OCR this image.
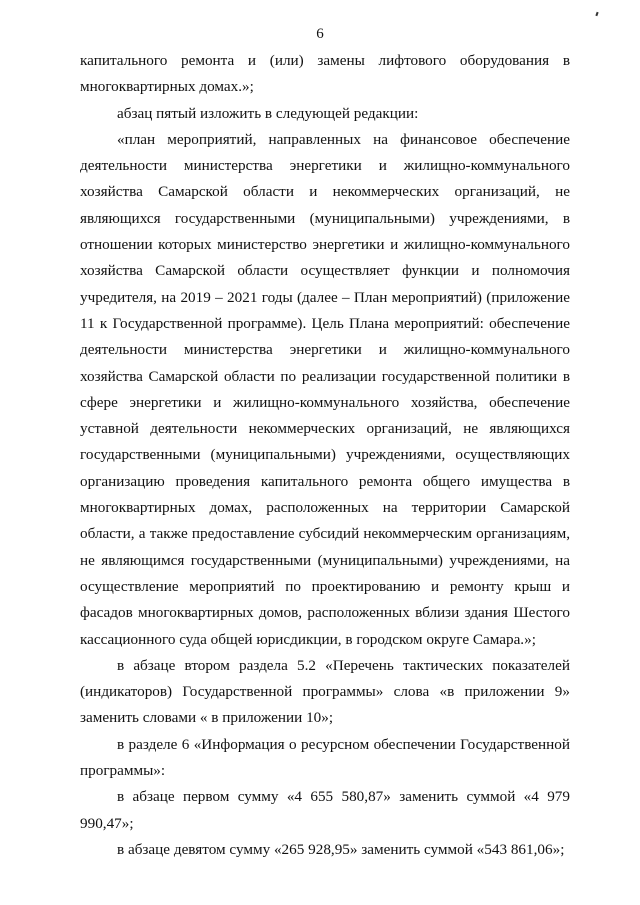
6

капитального ремонта и (или) замены лифтового оборудования в многоквартирных домах.»;

абзац пятый изложить в следующей редакции:

«план мероприятий, направленных на финансовое обеспечение деятельности министерства энергетики и жилищно-коммунального хозяйства Самарской области и некоммерческих организаций, не являющихся государственными (муниципальными) учреждениями, в отношении которых министерство энергетики и жилищно-коммунального хозяйства Самарской области осуществляет функции и полномочия учредителя, на 2019 – 2021 годы (далее – План мероприятий) (приложение 11 к Государственной программе). Цель Плана мероприятий: обеспечение деятельности министерства энергетики и жилищно-коммунального хозяйства Самарской области по реализации государственной политики в сфере энергетики и жилищно-коммунального хозяйства, обеспечение уставной деятельности некоммерческих организаций, не являющихся государственными (муниципальными) учреждениями, осуществляющих организацию проведения капитального ремонта общего имущества в многоквартирных домах, расположенных на территории Самарской области, а также предоставление субсидий некоммерческим организациям, не являющимся государственными (муниципальными) учреждениями, на осуществление мероприятий по проектированию и ремонту крыш и фасадов многоквартирных домов, расположенных вблизи здания Шестого кассационного суда общей юрисдикции, в городском округе Самара.»;

в абзаце втором раздела 5.2 «Перечень тактических показателей (индикаторов) Государственной программы» слова «в приложении 9» заменить словами « в приложении 10»;

в разделе 6 «Информация о ресурсном обеспечении Государственной программы»:

в абзаце первом сумму «4 655 580,87» заменить суммой «4 979 990,47»;

в абзаце девятом сумму «265 928,95» заменить суммой «543 861,06»;
